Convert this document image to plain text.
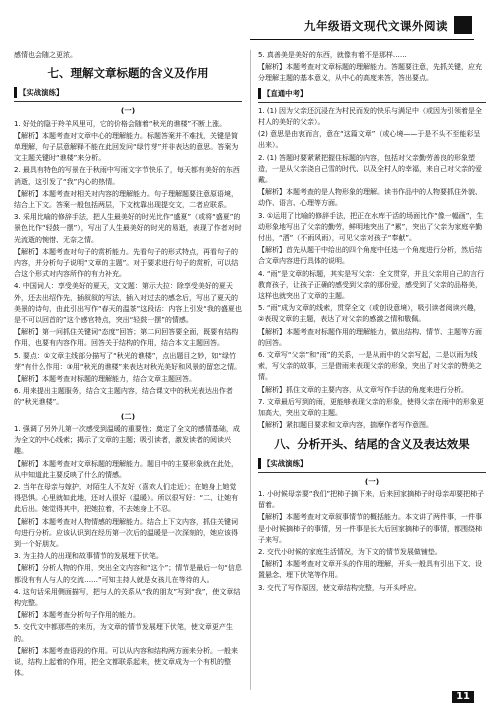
九年级语文现代文课外阅读

感情也会随之更浓。

七、理解文章标题的含义及作用
【实战演练】
(一)

1. 好处的隐于羚羊风里可，它的价格会随着“秋光的谯楼”不断上涨。

【解析】本题考查对文章中心的理解能力。标题答案并不难找，关键是简单理解，句子层意解释不能在此回发问“绿竹芽”并非表达的意思。答案为文主题关键时“谯楼”来分析。

2. 最具有特色的写景在于秋雨中写雨文字节快乐了，每天都有美好的东西消逝，这引发了“我”内心的热情。

【解析】本题考查对相关对内容的理解能力。句子理解题要注意原语境，结合上下文。答案一般包括两层，下文枕靠出现提交文，二者应联系。

3. 采用比喻的修辞手法，把人生最美好的时光比作“盛夏”（或将“盛夏”的景色比作“轻鼓一摆”），写出了人生最美好的时光的易逝，表现了作者对时光流逝的惋惜、无奈之情。

【解析】本题考查对句子的赏析能力。先看句子的形式特点，再看句子的内容，并分析句子说明“文章的主题”。对于要求进行句子的赏析，可以结合这个形式对内容所作的有力补充。

4. 中国词人：享受美好的夏天，文文题：第示大拉：除享受美好的夏天外，还去出绍作先，插叙叙的写法，插入对过去的感念后，写出了夏天的美景的诗句，由此引出写作“春天的温茶”这段话：内容上引发“我的盛夏也是不可以回首的”这个感官特点，突出“轻鼓一摆”的情感。

【解析】第一问抓住关键词“态度”回答；第二问回答要全面，既要有结构作用，也要有内容作用。回答关于结构的作用，结合本文主题回答。

5. 要点：①文章主线部分描写了“秋光的谯楼”，点出题目之妙，如“绿竹芽”有什么作用：③用“秋光的谯楼”来表达对秋光美好和风景的留恋之情。

【解析】本题考查对标题的理解能力，结合文章主题回答。

6. 用来提出主题服务，结合文主题内容，结合课文中的秋光表达出作者的“秋光谯楼”。

(二)

1. 强调了另外儿第一次感受到温暖的重要性；奠定了全文的感情基础，成为全文的中心线索；揭示了文章的主题；吸引读者，激发读者的阅读兴趣。

【解析】本题考查对文章标题的理解能力。题目中的主要形象就在此处，从中知道此主要反映了什么的情感。

2. 当年在母亲与嫁护，对陌生人不友好（喜欢人们走近）；在她身上她觉得恐惧。心里就如此地，还对人很好（温暖）。所以很写好：“二、让她有此后出。她觉得其中，把她拉着，不去她身上不忍。

【解析】本题考查对人物情感的理解能力。结合上下文内容，抓住关键词句进行分析。应该认识到在经历第一次后的温暖是一次深刻的，她应该得到一个好朋友。

3. 为主持人的出现和故事情节的发展埋下伏笔。

【解析】分析人物的作用，突出全文内容和“这个”；情节是最后一句“信息都没有有人与人的交流……”可知主持人就是女孩儿在等待的人。

4. 这句话采用侧面描写，把与人的关系从“我的朋友”写到“我”，使文章结构完整。

【解析】本题考查分析句子作用的能力。

5. 交代文中都那些的来历，为文章的情节发展埋下伏笔，使文章更产生的。

【解析】本题考查语段的作用。可以从内容和结构两方面来分析。一般来说，结构上起着的作用，把全文都联系起来，使文章成为一个有机的整体。

5. 真善美是美好的东西，就像有着不是那样……

【解析】本题考查对文章标题的理解能力。答题要注意，先抓关键，应充分理解主题的基本意义，从中心的高度来答，答出要点。

【直通中考】

1. (1) 因为父亲还沉浸在为村民而发的快乐与满足中（或因为引领着是全村人的美好的父亲）。

(2) 意思是由衷而言，意在“这篇文章”（或心境——于是不头不至能彩呈出来）。

2. (1) 答题时要紧紧把握住标题的内容，包括对父亲勤劳善良的形象塑造，一是从父亲浇自己雪的时代、以及全村人的幸福，来自己对父亲的爱戴。

【解析】本题考查的是人物形象的理解。读书作品中的人物要抓住外貌、动作、语言、心理等方面。

3. ①运用了比喻的修辞手法，把正在水库干活的场面比作“像一幅画”，生动形象地写出了父亲的勤劳，鲜明地突出了“累”，突出了父亲为家庭辛勤付出，“洒”（不雨风雨），可见父亲对孩子“奉献”。

【解析】首先从题干中给出的四个角度中任选一个角度进行分析，然后结合文章内容进行具体的说明。

4. “雨”是文章的标题，其实是写父亲：全文贯穿，并且父亲用自己的言行教育孩子，让孩子正确的感受到父亲的那份爱，感受到了父亲的品格美，这样也就突出了文章的主题。

5. “雨”成为文章的线索，贯穿全文（或创设意境），吸引读者阅读兴趣，②表现文章的主题，表达了对父亲的感激之情和敬佩。

【解析】本题考查对标题作用的理解能力，做出结构、情节、主题等方面的回答。

6. 文章写“父亲”和“雨”的关系，一是从雨中的父亲写起，二是以雨为线索，写父亲的故事，三是借雨来表现父亲的形象，突出了对父亲的赞美之情。

【解析】抓住文章的主要内容，从文章写作手法的角度来进行分析。

7. 文章最后写到的雨，更能够表现父亲的形象，使得父亲在雨中的形象更加高大，突出文章的主题。

【解析】紧扣题目要求和文章内容，揣摩作者写作意图。

八、分析开头、结尾的含义及表达效果
【实战演练】
(一)

1. 小时候母亲要“我们”把柿子摘下来，后来回家摘柿子时母亲却要把柿子留着。

【解析】本题考查对文章叙事情节的概括能力。本文讲了两件事，一件事是小时候摘柿子的事情，另一件事是长大后回家摘柿子的事情，都围绕柿子来写。

2. 交代小时候的家庭生活情况，为下文的情节发展做铺垫。

【解析】本题考查对文章开头的作用的理解，开头一般具有引出下文、设置悬念、埋下伏笔等作用。

3. 交代了写作原因，使文章结构完整，与开头呼应。

11
